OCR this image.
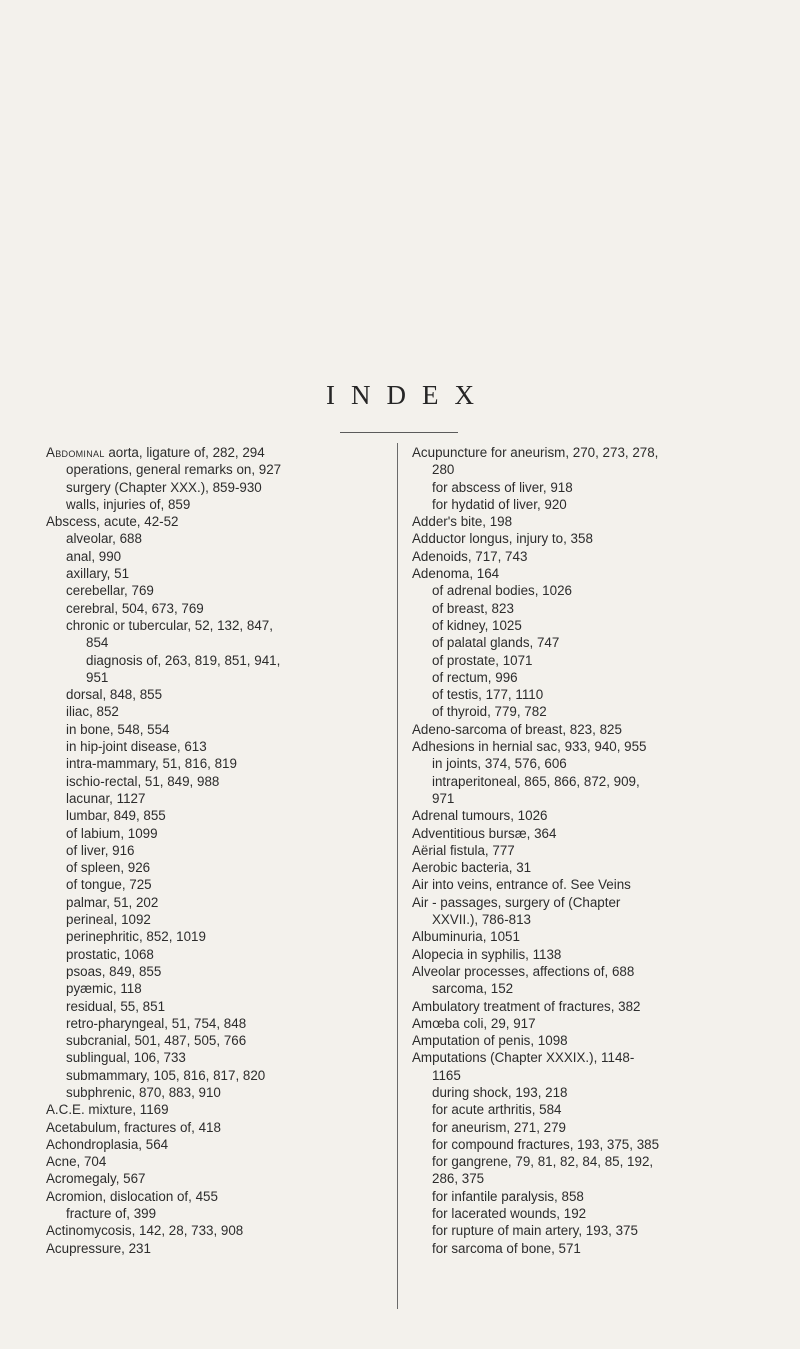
INDEX
Abdominal aorta, ligature of, 282, 294
operations, general remarks on, 927
surgery (Chapter XXX.), 859-930
walls, injuries of, 859
Abscess, acute, 42-52
alveolar, 688
anal, 990
axillary, 51
cerebellar, 769
cerebral, 504, 673, 769
chronic or tubercular, 52, 132, 847,
854
diagnosis of, 263, 819, 851, 941,
951
dorsal, 848, 855
iliac, 852
in bone, 548, 554
in hip-joint disease, 613
intra-mammary, 51, 816, 819
ischio-rectal, 51, 849, 988
lacunar, 1127
lumbar, 849, 855
of labium, 1099
of liver, 916
of spleen, 926
of tongue, 725
palmar, 51, 202
perineal, 1092
perinephritic, 852, 1019
prostatic, 1068
psoas, 849, 855
pyæmic, 118
residual, 55, 851
retro-pharyngeal, 51, 754, 848
subcranial, 501, 487, 505, 766
sublingual, 106, 733
submammary, 105, 816, 817, 820
subphrenic, 870, 883, 910
A.C.E. mixture, 1169
Acetabulum, fractures of, 418
Achondroplasia, 564
Acne, 704
Acromegaly, 567
Acromion, dislocation of, 455
fracture of, 399
Actinomycosis, 142, 28, 733, 908
Acupressure, 231
Acupuncture for aneurism, 270, 273, 278,
280
for abscess of liver, 918
for hydatid of liver, 920
Adder's bite, 198
Adductor longus, injury to, 358
Adenoids, 717, 743
Adenoma, 164
of adrenal bodies, 1026
of breast, 823
of kidney, 1025
of palatal glands, 747
of prostate, 1071
of rectum, 996
of testis, 177, 1110
of thyroid, 779, 782
Adeno-sarcoma of breast, 823, 825
Adhesions in hernial sac, 933, 940, 955
in joints, 374, 576, 606
intraperitoneal, 865, 866, 872, 909,
971
Adrenal tumours, 1026
Adventitious bursæ, 364
Aërial fistula, 777
Aerobic bacteria, 31
Air into veins, entrance of. See Veins
Air - passages, surgery of (Chapter
XXVII.), 786-813
Albuminuria, 1051
Alopecia in syphilis, 1138
Alveolar processes, affections of, 688
sarcoma, 152
Ambulatory treatment of fractures, 382
Amœba coli, 29, 917
Amputation of penis, 1098
Amputations (Chapter XXXIX.), 1148-
1165
during shock, 193, 218
for acute arthritis, 584
for aneurism, 271, 279
for compound fractures, 193, 375, 385
for gangrene, 79, 81, 82, 84, 85, 192,
286, 375
for infantile paralysis, 858
for lacerated wounds, 192
for rupture of main artery, 193, 375
for sarcoma of bone, 571
